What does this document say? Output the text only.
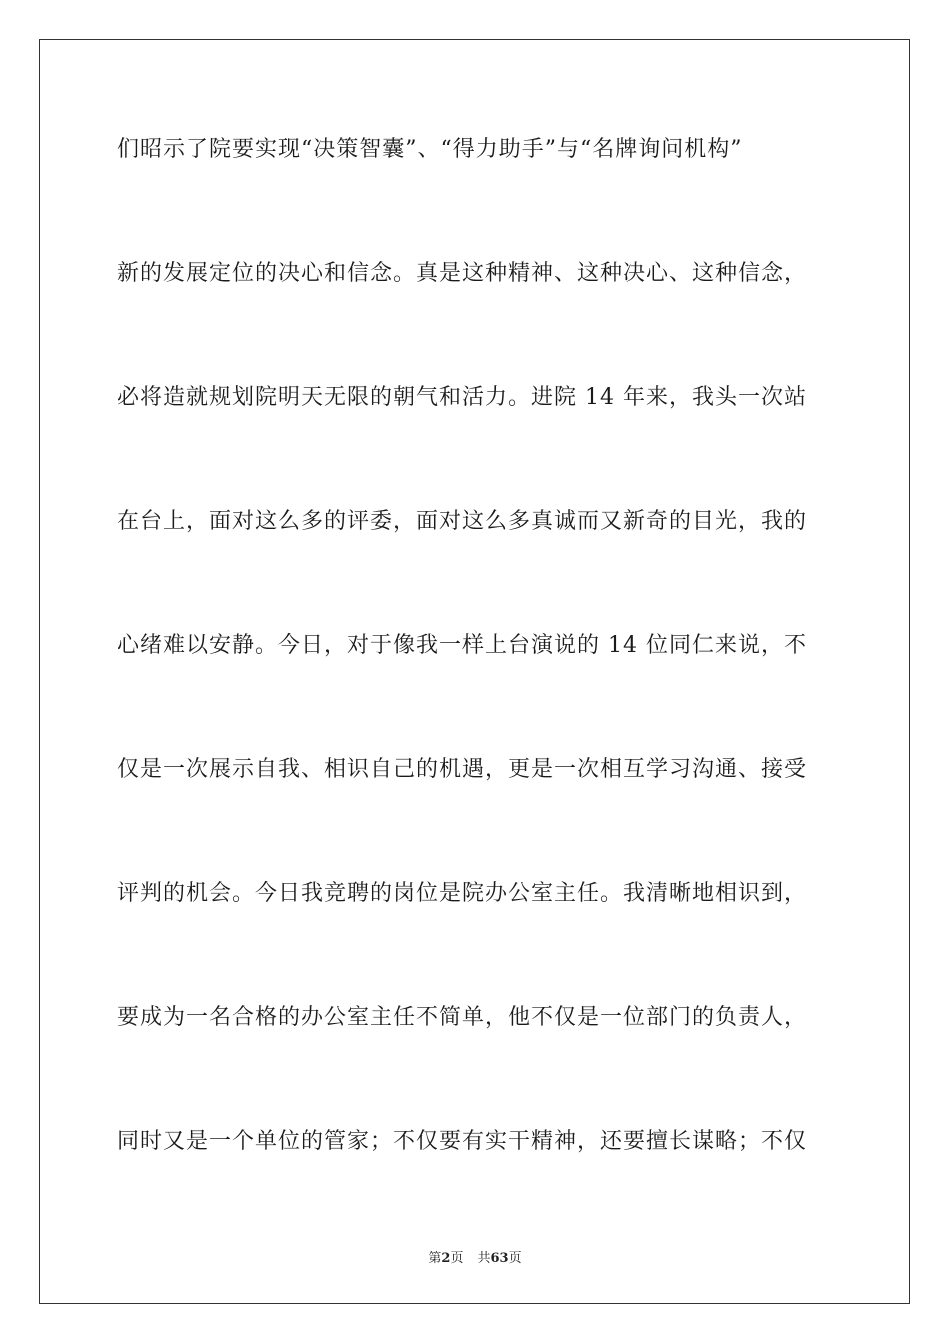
们昭示了院要实现“决策智囊”、“得力助手”与“名牌询问机构”
新的发展定位的决心和信念。真是这种精神、这种决心、这种信念，
必将造就规划院明天无限的朝气和活力。进院 14 年来，我头一次站
在台上，面对这么多的评委，面对这么多真诚而又新奇的目光，我的
心绪难以安静。今日，对于像我一样上台演说的 14 位同仁来说，不
仅是一次展示自我、相识自己的机遇，更是一次相互学习沟通、接受
评判的机会。今日我竞聘的岗位是院办公室主任。我清晰地相识到，
要成为一名合格的办公室主任不简单，他不仅是一位部门的负责人，
同时又是一个单位的管家；不仅要有实干精神，还要擅长谋略；不仅
第2页 共63页
